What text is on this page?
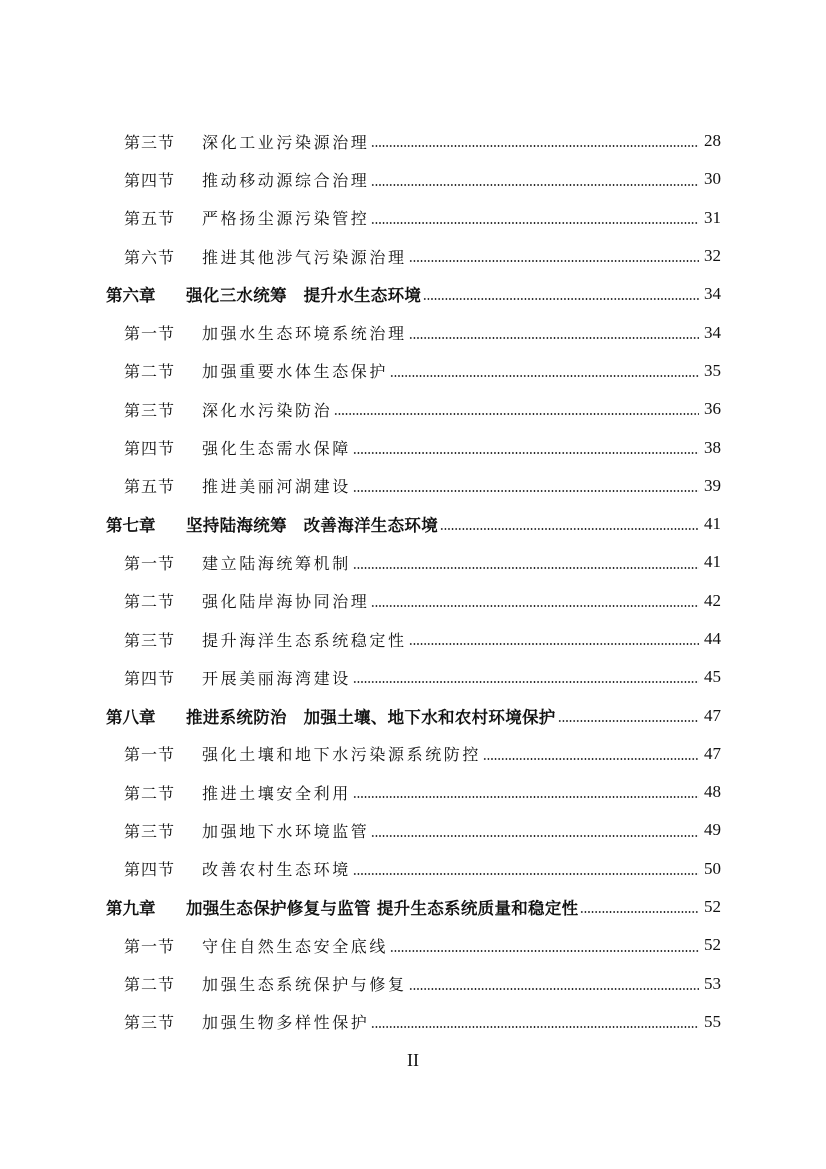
第三节	深化工业污染源治理	28
第四节	推动移动源综合治理	30
第五节	严格扬尘源污染管控	31
第六节	推进其他涉气污染源治理	32
第六章	强化三水统筹　提升水生态环境	34
第一节	加强水生态环境系统治理	34
第二节	加强重要水体生态保护	35
第三节	深化水污染防治	36
第四节	强化生态需水保障	38
第五节	推进美丽河湖建设	39
第七章	坚持陆海统筹　改善海洋生态环境	41
第一节	建立陆海统筹机制	41
第二节	强化陆岸海协同治理	42
第三节	提升海洋生态系统稳定性	44
第四节	开展美丽海湾建设	45
第八章	推进系统防治　加强土壤、地下水和农村环境保护	47
第一节	强化土壤和地下水污染源系统防控	47
第二节	推进土壤安全利用	48
第三节	加强地下水环境监管	49
第四节	改善农村生态环境	50
第九章	加强生态保护修复与监管 提升生态系统质量和稳定性	52
第一节	守住自然生态安全底线	52
第二节	加强生态系统保护与修复	53
第三节	加强生物多样性保护	55
II
